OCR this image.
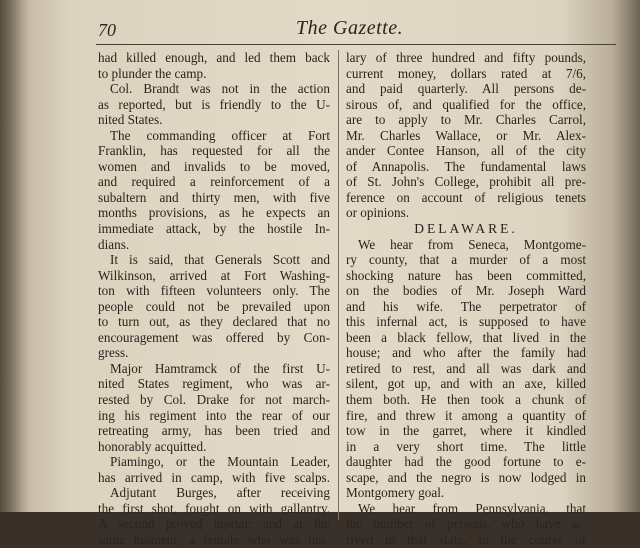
70	The Gazette.
had killed enough, and led them back
to plunder the camp.
Col. Brandt was not in the action
as reported, but is friendly to the U-
nited States.
The commanding officer at Fort
Franklin, has requested for all the
women and invalids to be moved,
and required a reinforcement of a
subaltern and thirty men, with five
months provisions, as he expects an
immediate attack, by the hostile In-
dians.
It is said, that Generals Scott and
Wilkinson, arrived at Fort Washing-
ton with fifteen volunteers only. The
people could not be prevailed upon
to turn out, as they declared that no
encouragement was offered by Con-
gress.
Major Hamtramck of the first U-
nited States regiment, who was ar-
rested by Col. Drake for not march-
ing his regiment into the rear of our
retreating army, has been tried and
honorably acquitted.
Piamingo, or the Mountain Leader,
has arrived in camp, with five scalps.
Adjutant Burges, after receiving
the first shot, fought on with gallantry.
A second proved mortal; and at the
same moment, a female who was nur-
lary of three hundred and fifty pounds,
current money, dollars rated at 7/6,
and paid quarterly. All persons de-
sirous of, and qualified for the office,
are to apply to Mr. Charles Carrol,
Mr. Charles Wallace, or Mr. Alex-
ander Contee Hanson, all of the city
of Annapolis. The fundamental laws
of St. John's College, prohibit all pre-
ference on account of religious tenets
or opinions.
DELAWARE.
We hear from Seneca, Montgome-
ry county, that a murder of a most
shocking nature has been committed,
on the bodies of Mr. Joseph Ward
and his wife. The perpetrator of
this infernal act, is supposed to have
been a black fellow, that lived in the
house; and who after the family had
retired to rest, and all was dark and
silent, got up, and with an axe, killed
them both. He then took a chunk of
fire, and threw it among a quantity of
tow in the garret, where it kindled
in a very short time. The little
daughter had the good fortune to e-
scape, and the negro is now lodged in
Montgomery goal.
We hear from Pennsylvania, that
the number of persons, who have ar-
rived in that state, in the course of
